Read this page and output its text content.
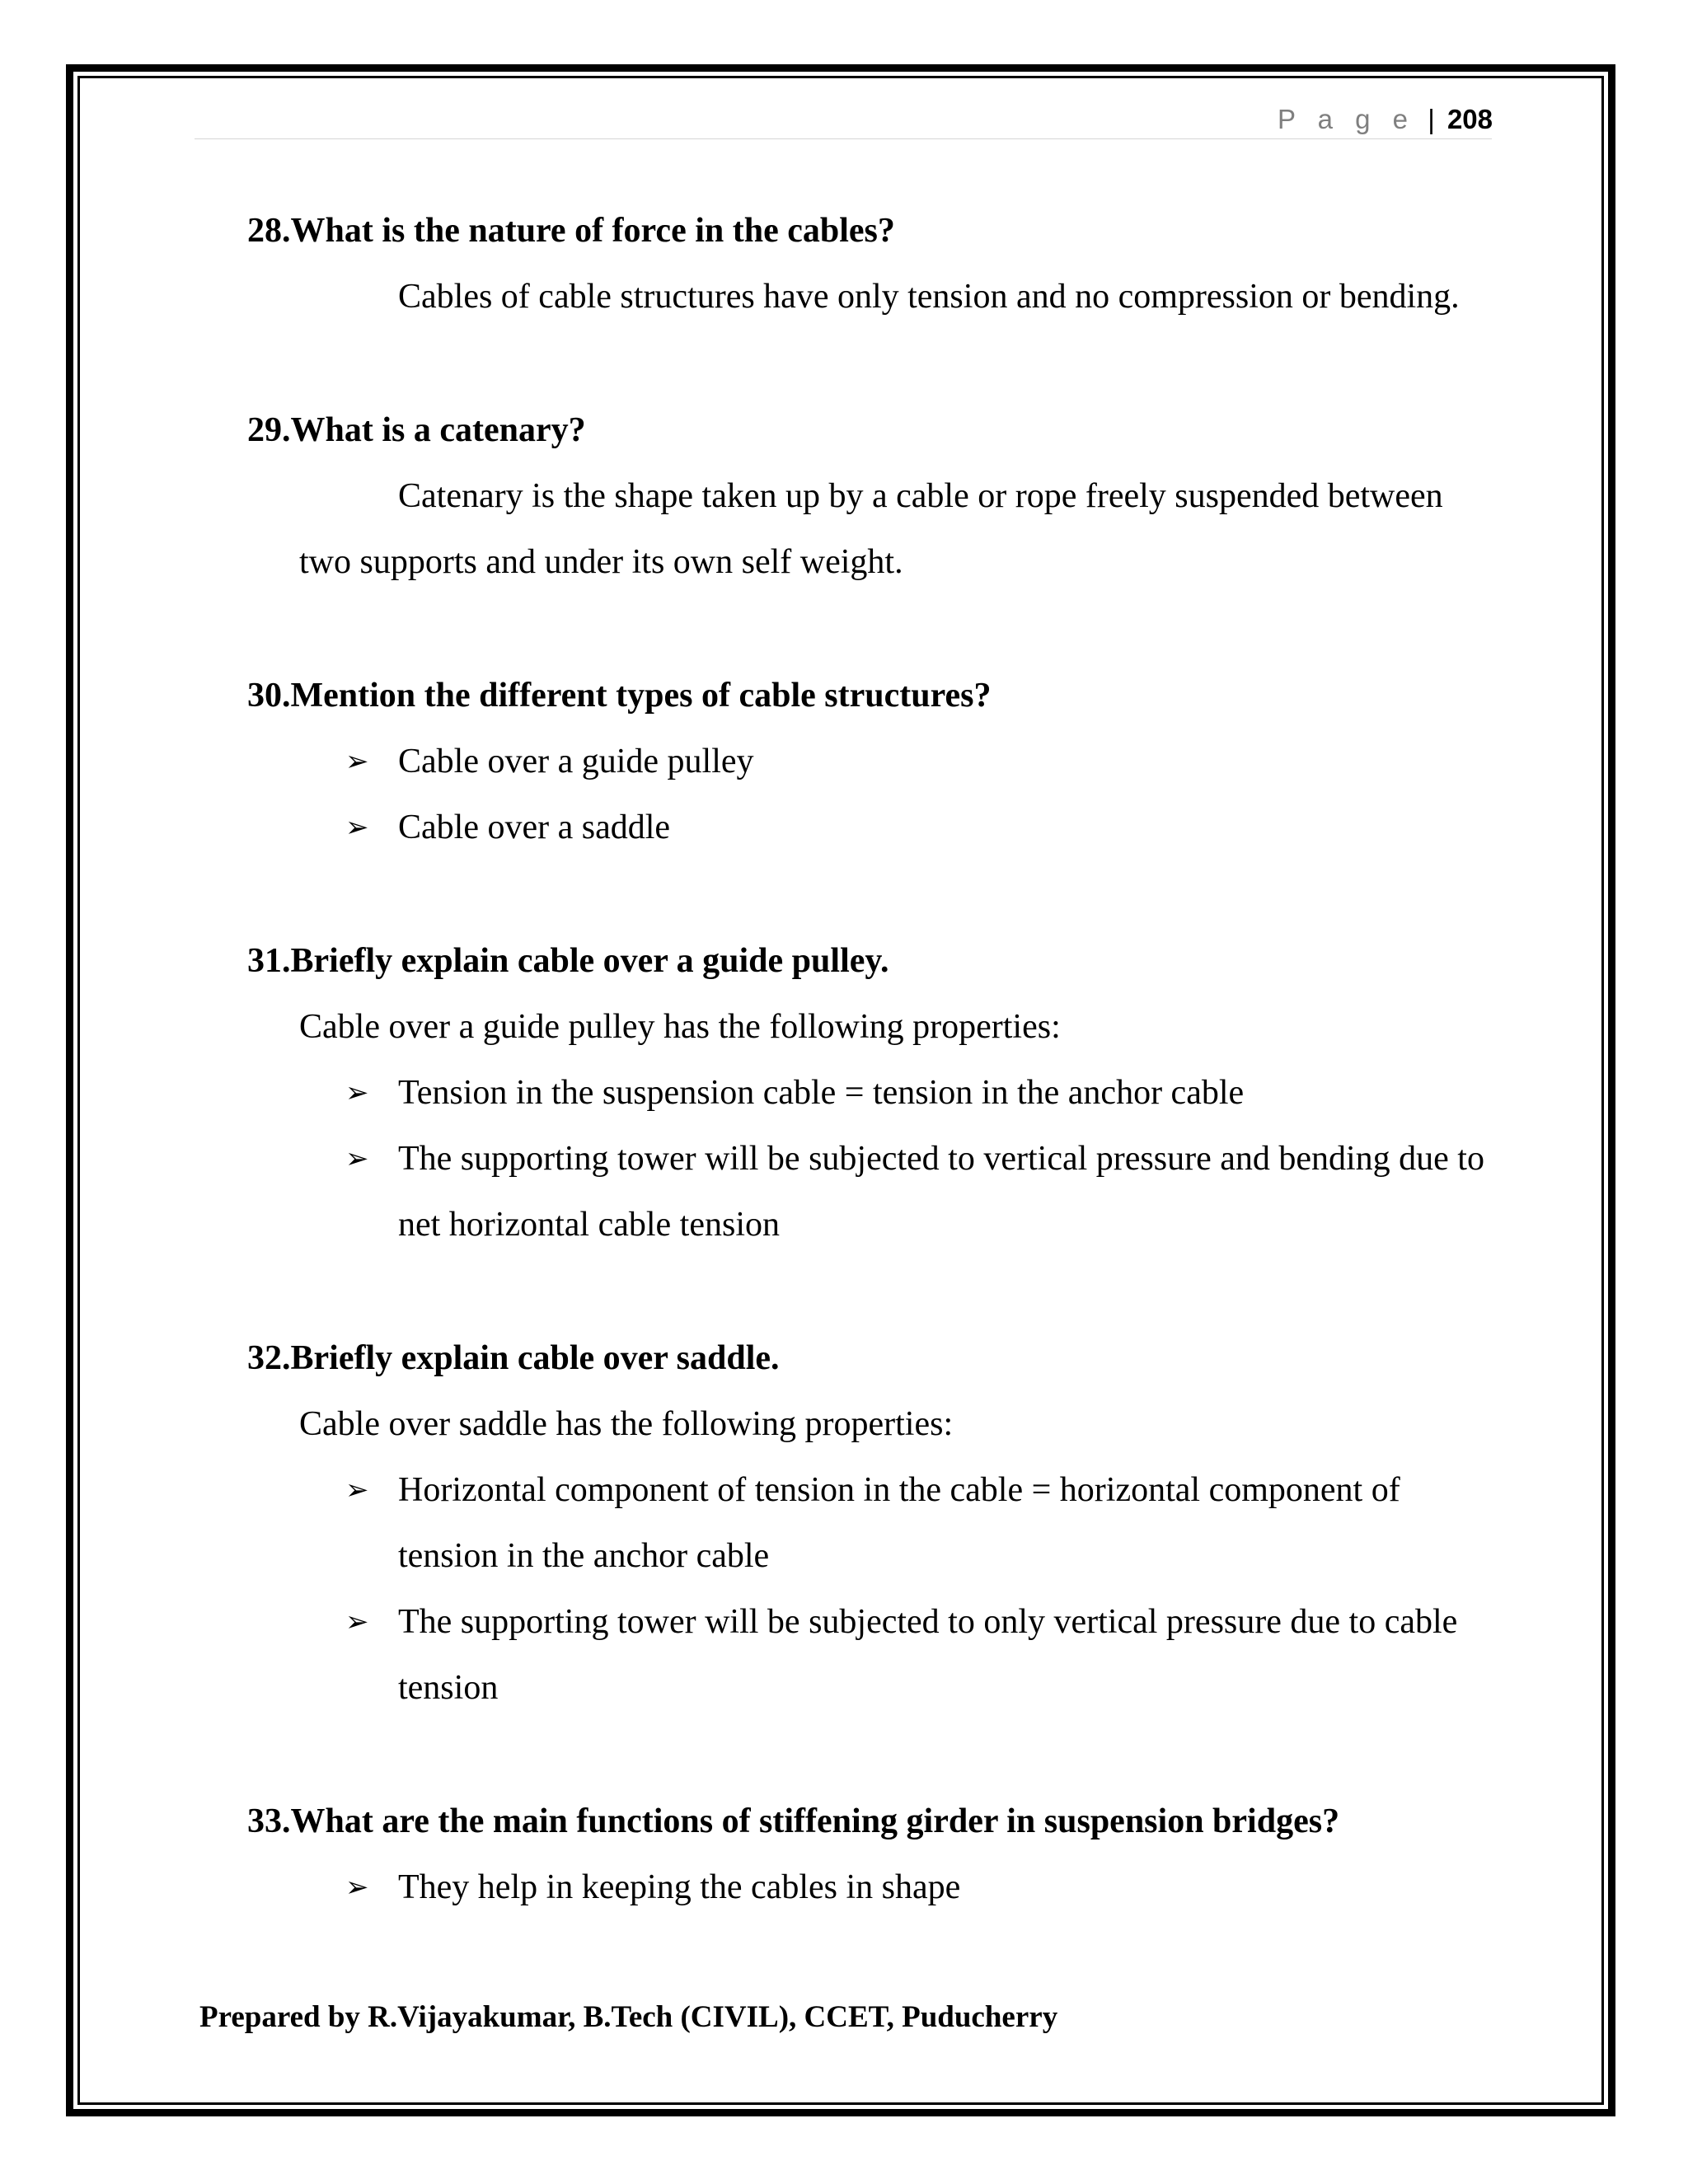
P a g e | 208

28.What is the nature of force in the cables?

Cables of cable structures have only tension and no compression or bending.

29.What is a catenary?

Catenary is the shape taken up by a cable or rope freely suspended between two supports and under its own self weight.

30.Mention the different types of cable structures?

➢ Cable over a guide pulley
➢ Cable over a saddle

31.Briefly explain cable over a guide pulley.

Cable over a guide pulley has the following properties:

➢ Tension in the suspension cable = tension in the anchor cable
➢ The supporting tower will be subjected to vertical pressure and bending due to net horizontal cable tension

32.Briefly explain cable over saddle.

Cable over saddle has the following properties:

➢ Horizontal component of tension in the cable = horizontal component of tension in the anchor cable
➢ The supporting tower will be subjected to only vertical pressure due to cable tension

33.What are the main functions of stiffening girder in suspension bridges?

➢ They help in keeping the cables in shape
Prepared by R.Vijayakumar, B.Tech (CIVIL), CCET, Puducherry
